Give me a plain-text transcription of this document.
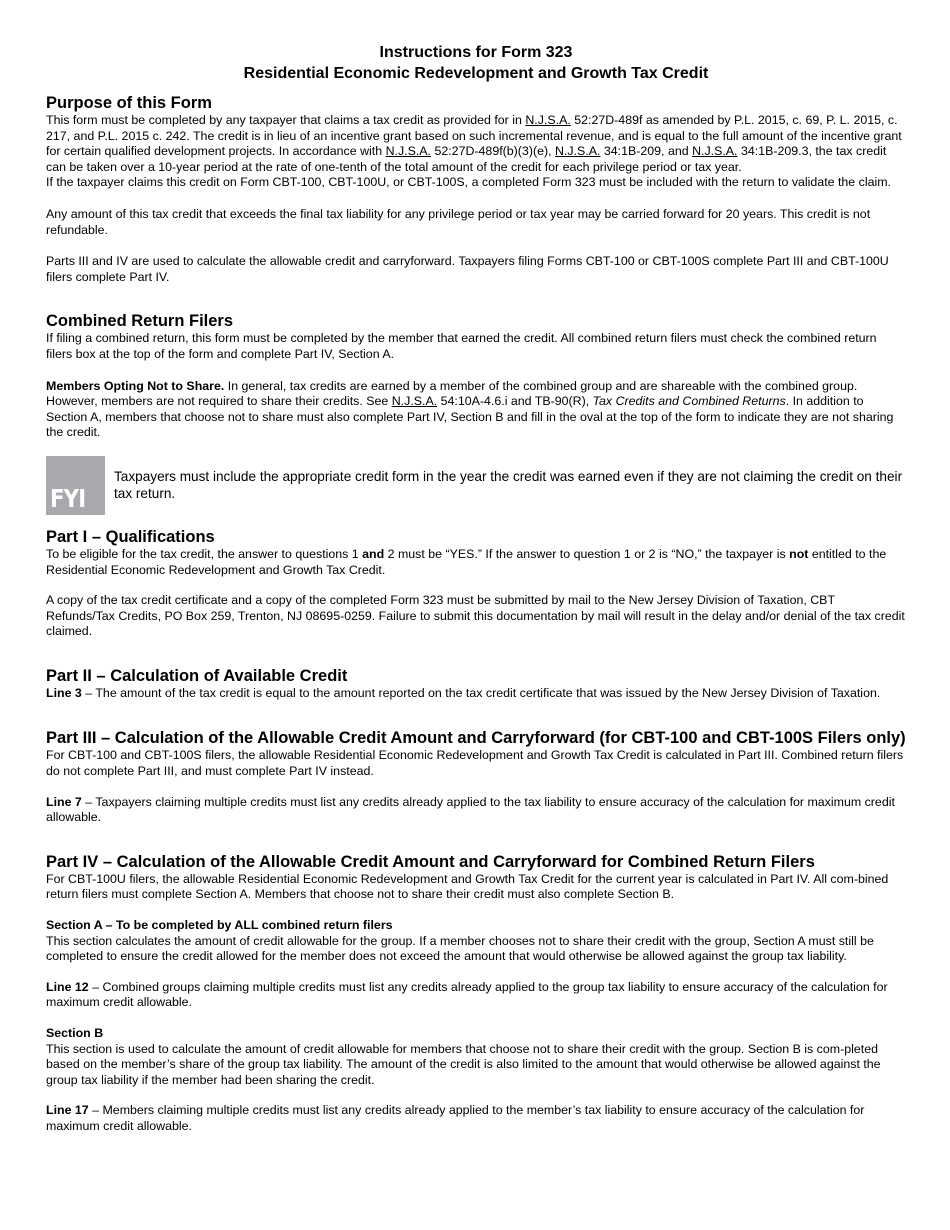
Instructions for Form 323

Residential Economic Redevelopment and Growth Tax Credit

Purpose of this Form

This form must be completed by any taxpayer that claims a tax credit as provided for in N.J.S.A. 52:27D-489f as amended by P.L. 2015, c. 69, P. L. 2015, c. 217, and P.L. 2015 c. 242. The credit is in lieu of an incentive grant based on such incremental revenue, and is equal to the full amount of the incentive grant for certain qualified development projects. In accordance with N.J.S.A. 52:27D-489f(b)(3)(e), N.J.S.A. 34:1B-209, and N.J.S.A. 34:1B-209.3, the tax credit can be taken over a 10-year period at the rate of one-tenth of the total amount of the credit for each privilege period or tax year.

If the taxpayer claims this credit on Form CBT-100, CBT-100U, or CBT-100S, a completed Form 323 must be included with the return to validate the claim.

Any amount of this tax credit that exceeds the final tax liability for any privilege period or tax year may be carried forward for 20 years. This credit is not refundable.

Parts III and IV are used to calculate the allowable credit and carryforward. Taxpayers filing Forms CBT-100 or CBT-100S complete Part III and CBT-100U filers complete Part IV.

Combined Return Filers

If filing a combined return, this form must be completed by the member that earned the credit. All combined return filers must check the combined return filers box at the top of the form and complete Part IV, Section A.

Members Opting Not to Share. In general, tax credits are earned by a member of the combined group and are shareable with the combined group. However, members are not required to share their credits. See N.J.S.A. 54:10A-4.6.i and TB-90(R), Tax Credits and Combined Returns. In addition to Section A, members that choose not to share must also complete Part IV, Section B and fill in the oval at the top of the form to indicate they are not sharing the credit.

FYI

Taxpayers must include the appropriate credit form in the year the credit was earned even if they are not claiming the credit on their tax return.

Part I – Qualifications

To be eligible for the tax credit, the answer to questions 1 and 2 must be “YES.” If the answer to question 1 or 2 is “NO,” the taxpayer is not entitled to the Residential Economic Redevelopment and Growth Tax Credit.

A copy of the tax credit certificate and a copy of the completed Form 323 must be submitted by mail to the New Jersey Division of Taxation, CBT Refunds/Tax Credits, PO Box 259, Trenton, NJ 08695-0259. Failure to submit this documentation by mail will result in the delay and/or denial of the tax credit claimed.

Part II – Calculation of Available Credit

Line 3 – The amount of the tax credit is equal to the amount reported on the tax credit certificate that was issued by the New Jersey Division of Taxation.

Part III – Calculation of the Allowable Credit Amount and Carryforward (for CBT-100 and CBT-100S Filers only)

For CBT-100 and CBT-100S filers, the allowable Residential Economic Redevelopment and Growth Tax Credit is calculated in Part III. Combined return filers do not complete Part III, and must complete Part IV instead.

Line 7 – Taxpayers claiming multiple credits must list any credits already applied to the tax liability to ensure accuracy of the calculation for maximum credit allowable.

Part IV – Calculation of the Allowable Credit Amount and Carryforward for Combined Return Filers

For CBT-100U filers, the allowable Residential Economic Redevelopment and Growth Tax Credit for the current year is calculated in Part IV. All com-bined return filers must complete Section A. Members that choose not to share their credit must also complete Section B.

Section A – To be completed by ALL combined return filers
This section calculates the amount of credit allowable for the group. If a member chooses not to share their credit with the group, Section A must still be completed to ensure the credit allowed for the member does not exceed the amount that would otherwise be allowed against the group tax liability.

Line 12 – Combined groups claiming multiple credits must list any credits already applied to the group tax liability to ensure accuracy of the calculation for maximum credit allowable.

Section B
This section is used to calculate the amount of credit allowable for members that choose not to share their credit with the group. Section B is com-pleted based on the member’s share of the group tax liability. The amount of the credit is also limited to the amount that would otherwise be allowed against the group tax liability if the member had been sharing the credit.

Line 17 – Members claiming multiple credits must list any credits already applied to the member’s tax liability to ensure accuracy of the calculation for maximum credit allowable.
